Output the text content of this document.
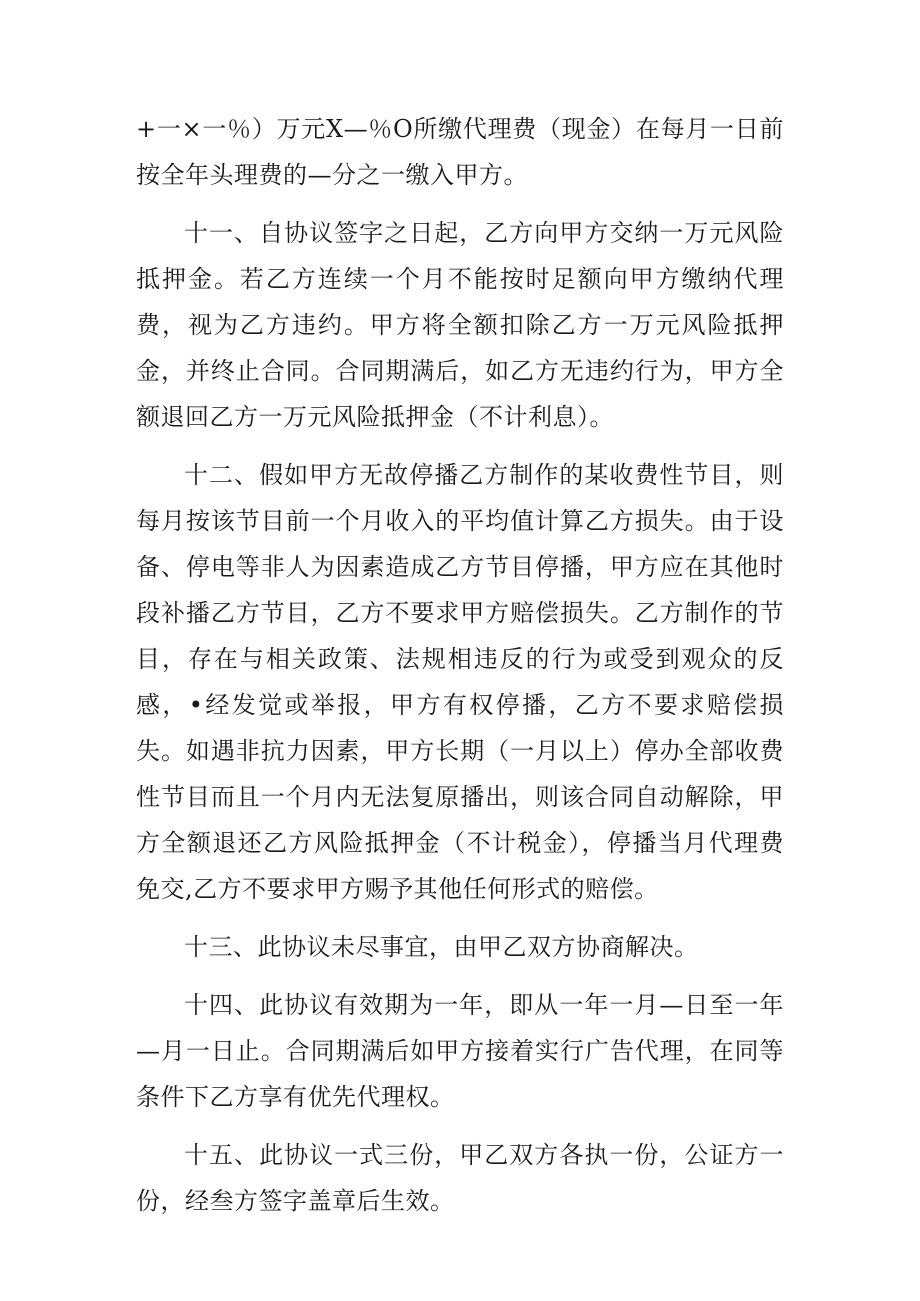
+一×一％）万元X—％O所缴代理费（现金）在每月一日前按全年头理费的—分之一缴入甲方。

十一、自协议签字之日起，乙方向甲方交纳一万元风险抵押金。若乙方连续一个月不能按时足额向甲方缴纳代理费，视为乙方违约。甲方将全额扣除乙方一万元风险抵押金，并终止合同。合同期满后，如乙方无违约行为，甲方全额退回乙方一万元风险抵押金（不计利息）。

十二、假如甲方无故停播乙方制作的某收费性节目，则每月按该节目前一个月收入的平均值计算乙方损失。由于设备、停电等非人为因素造成乙方节目停播，甲方应在其他时段补播乙方节目，乙方不要求甲方赔偿损失。乙方制作的节目，存在与相关政策、法规相违反的行为或受到观众的反感，•经发觉或举报，甲方有权停播，乙方不要求赔偿损失。如遇非抗力因素，甲方长期（一月以上）停办全部收费性节目而且一个月内无法复原播出，则该合同自动解除，甲方全额退还乙方风险抵押金（不计税金），停播当月代理费免交,乙方不要求甲方赐予其他任何形式的赔偿。

十三、此协议未尽事宜，由甲乙双方协商解决。

十四、此协议有效期为一年，即从一年一月—日至一年—月一日止。合同期满后如甲方接着实行广告代理，在同等条件下乙方享有优先代理权。

十五、此协议一式三份，甲乙双方各执一份，公证方一份，经叁方签字盖章后生效。
